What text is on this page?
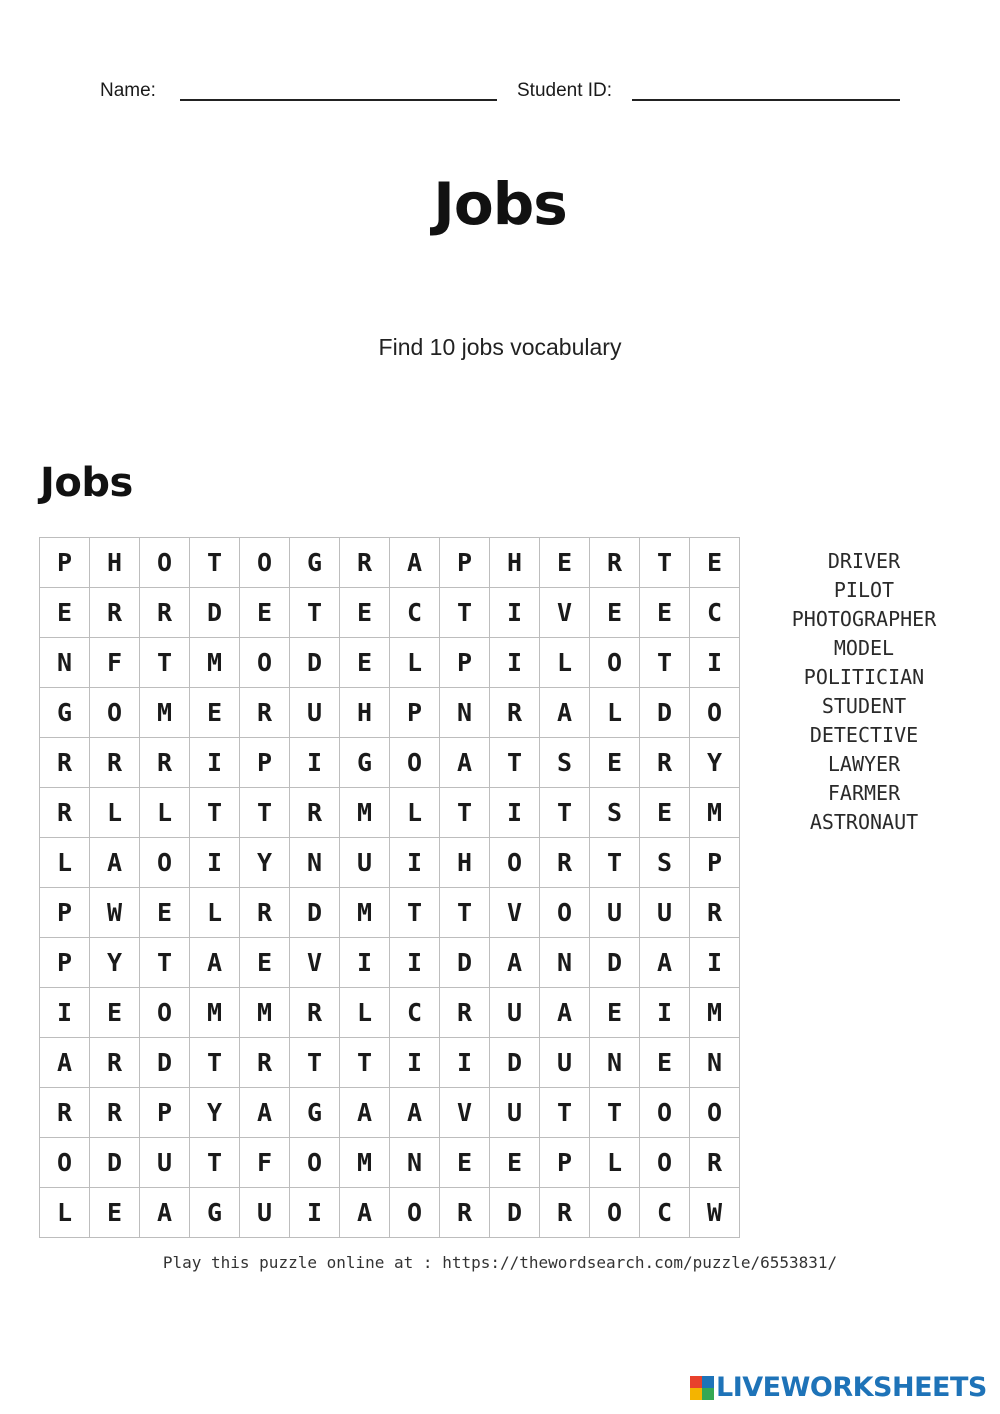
Name:	Student ID:
Jobs
Find 10 jobs vocabulary
Jobs
P	H	O	T	O	G	R	A	P	H	E	R	T	E
E	R	R	D	E	T	E	C	T	I	V	E	E	C
N	F	T	M	O	D	E	L	P	I	L	O	T	I
G	O	M	E	R	U	H	P	N	R	A	L	D	O
R	R	R	I	P	I	G	O	A	T	S	E	R	Y
R	L	L	T	T	R	M	L	T	I	T	S	E	M
L	A	O	I	Y	N	U	I	H	O	R	T	S	P
P	W	E	L	R	D	M	T	T	V	O	U	U	R
P	Y	T	A	E	V	I	I	D	A	N	D	A	I
I	E	O	M	M	R	L	C	R	U	A	E	I	M
A	R	D	T	R	T	T	I	I	D	U	N	E	N
R	R	P	Y	A	G	A	A	V	U	T	T	O	O
O	D	U	T	F	O	M	N	E	E	P	L	O	R
L	E	A	G	U	I	A	O	R	D	R	O	C	W
DRIVER
PILOT
PHOTOGRAPHER
MODEL
POLITICIAN
STUDENT
DETECTIVE
LAWYER
FARMER
ASTRONAUT
Play this puzzle online at : https://thewordsearch.com/puzzle/6553831/
LIVEWORKSHEETS
